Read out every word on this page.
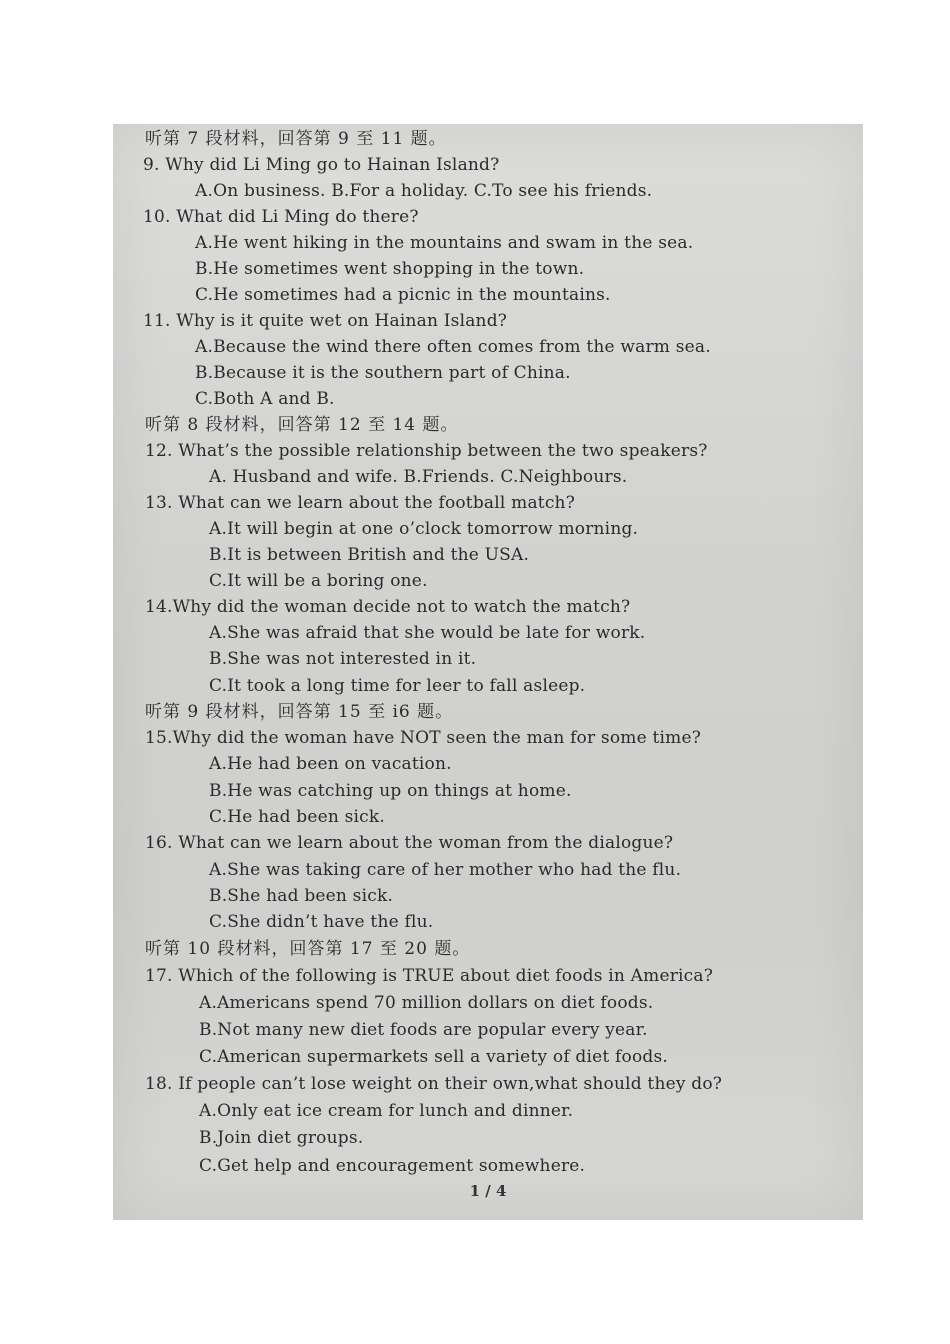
听第 7 段材料，回答第 9 至 11 题。
9. Why did Li Ming go to Hainan Island?
A.On business. B.For a holiday. C.To see his friends.
10. What did Li Ming do there?
A.He went hiking in the mountains and swam in the sea.
B.He sometimes went shopping in the town.
C.He sometimes had a picnic in the mountains.
11. Why is it quite wet on Hainan Island?
A.Because the wind there often comes from the warm sea.
B.Because it is the southern part of China.
C.Both A and B.
听第 8 段材料，回答第 12 至 14 题。
12. What’s the possible relationship between the two speakers?
A. Husband and wife. B.Friends. C.Neighbours.
13. What can we learn about the football match?
A.It will begin at one o’clock tomorrow morning.
B.It is between British and the USA.
C.It will be a boring one.
14.Why did the woman decide not to watch the match?
A.She was afraid that she would be late for work.
B.She was not interested in it.
C.It took a long time for leer to fall asleep.
听第 9 段材料，回答第 15 至 i6 题。
15.Why did the woman have NOT seen the man for some time?
A.He had been on vacation.
B.He was catching up on things at home.
C.He had been sick.
16. What can we learn about the woman from the dialogue?
A.She was taking care of her mother who had the flu.
B.She had been sick.
C.She didn’t have the flu.
听第 10 段材料，回答第 17 至 20 题。
17. Which of the following is TRUE about diet foods in America?
A.Americans spend 70 million dollars on diet foods.
B.Not many new diet foods are popular every year.
C.American supermarkets sell a variety of diet foods.
18. If people can’t lose weight on their own,what should they do?
A.Only eat ice cream for lunch and dinner.
B.Join diet groups.
C.Get help and encouragement somewhere.
1 / 4
